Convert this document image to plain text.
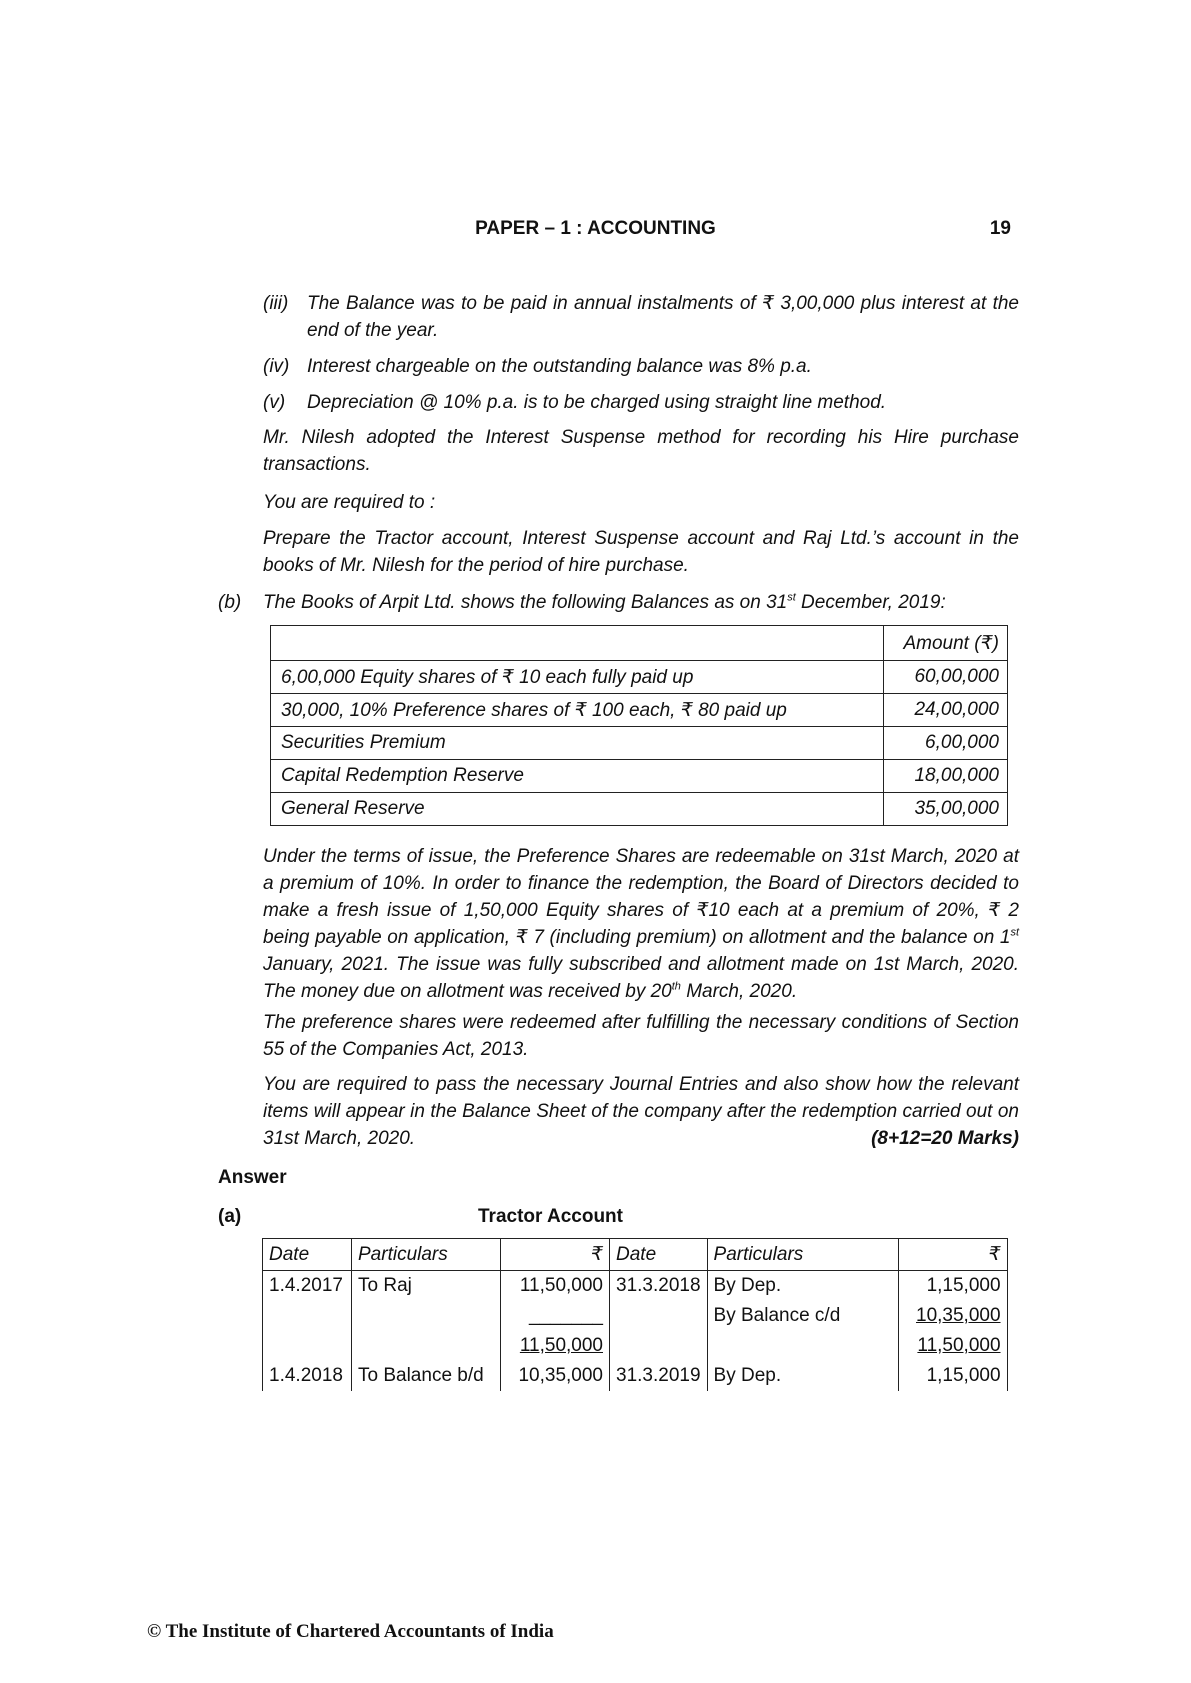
PAPER – 1 : ACCOUNTING	19
(iii) The Balance was to be paid in annual instalments of ₹ 3,00,000 plus interest at the end of the year.
(iv) Interest chargeable on the outstanding balance was 8% p.a.
(v) Depreciation @ 10% p.a. is to be charged using straight line method.
Mr. Nilesh adopted the Interest Suspense method for recording his Hire purchase transactions.
You are required to :
Prepare the Tractor account, Interest Suspense account and Raj Ltd.’s account in the books of Mr. Nilesh for the period of hire purchase.
(b) The Books of Arpit Ltd. shows the following Balances as on 31st December, 2019:
	Amount (₹)
6,00,000 Equity shares of ₹ 10 each fully paid up	60,00,000
30,000, 10% Preference shares of ₹ 100 each, ₹ 80 paid up	24,00,000
Securities Premium	6,00,000
Capital Redemption Reserve	18,00,000
General Reserve	35,00,000
Under the terms of issue, the Preference Shares are redeemable on 31st March, 2020 at a premium of 10%. In order to finance the redemption, the Board of Directors decided to make a fresh issue of 1,50,000 Equity shares of ₹10 each at a premium of 20%, ₹ 2 being payable on application, ₹ 7 (including premium) on allotment and the balance on 1st January, 2021. The issue was fully subscribed and allotment made on 1st March, 2020. The money due on allotment was received by 20th March, 2020.
The preference shares were redeemed after fulfilling the necessary conditions of Section 55 of the Companies Act, 2013.
You are required to pass the necessary Journal Entries and also show how the relevant items will appear in the Balance Sheet of the company after the redemption carried out on 31st March, 2020.	(8+12=20 Marks)
Answer
(a)	Tractor Account
Date	Particulars	₹	Date	Particulars	₹
1.4.2017	To Raj	11,50,000	31.3.2018	By Dep.	1,15,000
		_______		By Balance c/d	10,35,000
		11,50,000			11,50,000
1.4.2018	To Balance b/d	10,35,000	31.3.2019	By Dep.	1,15,000
© The Institute of Chartered Accountants of India
